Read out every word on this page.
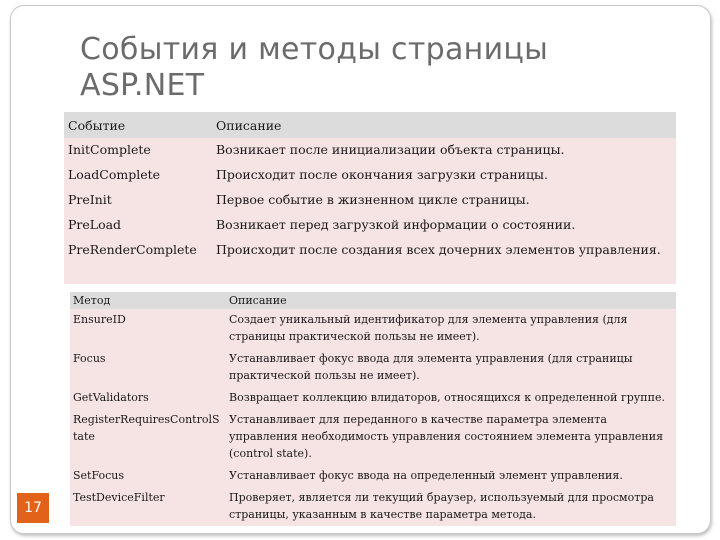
События и методы страницы
ASP.NET
Событие	Описание
InitComplete	Возникает после инициализации объекта страницы.
LoadComplete	Происходит после окончания загрузки страницы.
PreInit	Первое событие в жизненном цикле страницы.
PreLoad	Возникает перед загрузкой информации о состоянии.
PreRenderComplete	Происходит после создания всех дочерних элементов управления.
Метод	Описание
EnsureID	Создает уникальный идентификатор для элемента управления (для страницы практической пользы не имеет).
Focus	Устанавливает фокус ввода для элемента управления (для страницы практической пользы не имеет).
GetValidators	Возвращает коллекцию влидаторов, относящихся к определенной группе.
RegisterRequiresControlState	Устанавливает для переданного в качестве параметра элемента управления необходимость управления состоянием элемента управления (control state).
SetFocus	Устанавливает фокус ввода на определенный элемент управления.
TestDeviceFilter	Проверяет, является ли текущий браузер, используемый для просмотра страницы, указанным в качестве параметра метода.
17
